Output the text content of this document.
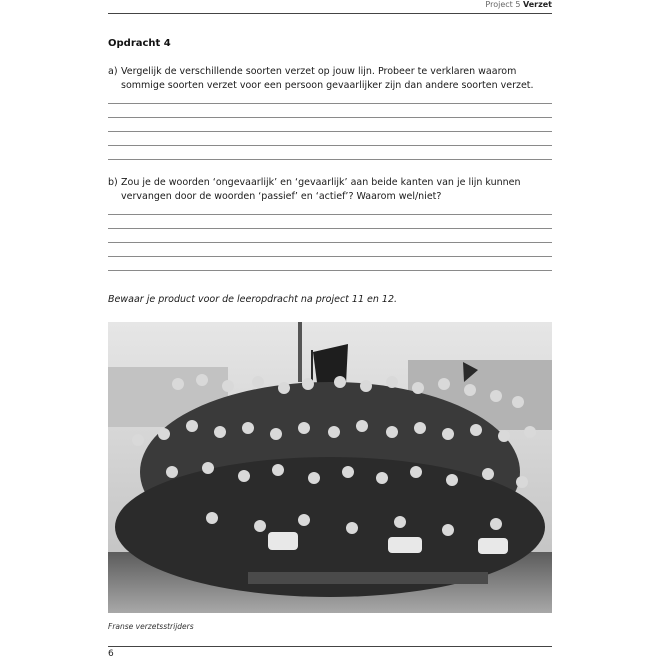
Project 5 Verzet
Opdracht 4
a) Vergelijk de verschillende soorten verzet op jouw lijn. Probeer te verklaren waarom sommige soorten verzet voor een persoon gevaarlijker zijn dan andere soorten verzet.
b) Zou je de woorden ‘ongevaarlijk’ en ‘gevaarlijk’ aan beide kanten van je lijn kunnen vervangen door de woorden ‘passief’ en ‘actief’? Waarom wel/niet?
Bewaar je product voor de leeropdracht na project 11 en 12.
Franse verzetsstrijders
6
